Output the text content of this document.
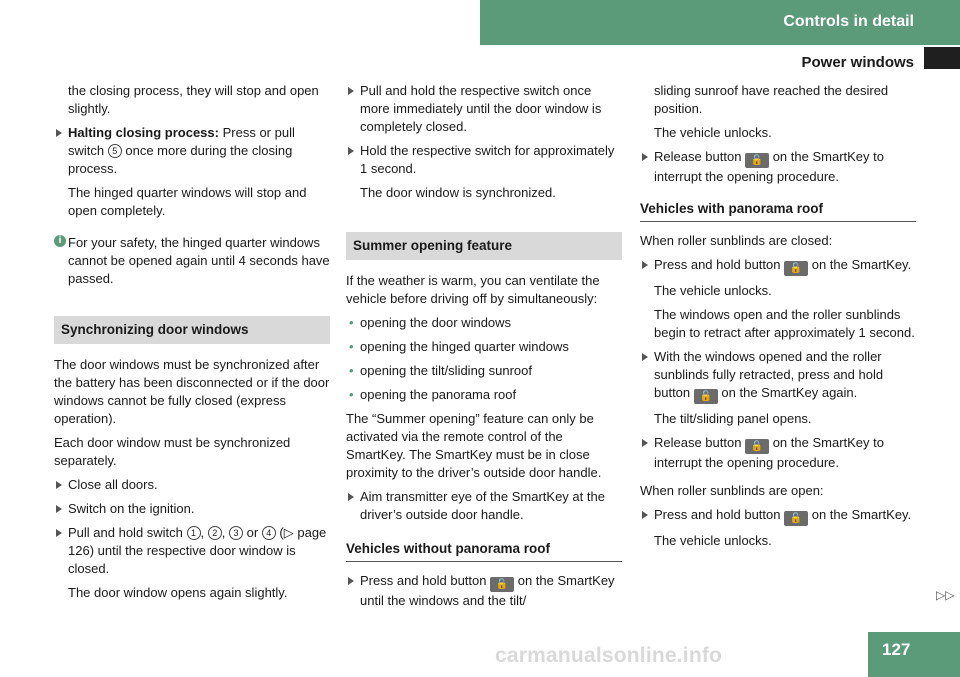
Controls in detail
Power windows

the closing process, they will stop and open slightly.

Halting closing process: Press or pull switch 5 once more during the closing process.

The hinged quarter windows will stop and open completely.

i For your safety, the hinged quarter windows cannot be opened again until 4 seconds have passed.
Synchronizing door windows

The door windows must be synchronized after the battery has been disconnected or if the door windows cannot be fully closed (express operation).

Each door window must be synchronized separately.

Close all doors.
Switch on the ignition.
Pull and hold switch 1 , 2 , 3 or 4 (▷ page 126) until the respective door window is closed.

The door window opens again slightly.

Pull and hold the respective switch once more immediately until the door window is completely closed.
Hold the respective switch for approximately 1 second.

The door window is synchronized.

Summer opening feature

If the weather is warm, you can ventilate the vehicle before driving off by simultaneously:

• opening the door windows
• opening the hinged quarter windows
• opening the tilt/sliding sunroof
• opening the panorama roof

The “Summer opening” feature can only be activated via the remote control of the SmartKey. The SmartKey must be in close proximity to the driver’s outside door handle.

Aim transmitter eye of the SmartKey at the driver’s outside door handle.
Vehicles without panorama roof
Press and hold button 🔓 on the SmartKey until the windows and the tilt/

sliding sunroof have reached the desired position.

The vehicle unlocks.

Release button 🔓 on the SmartKey to interrupt the opening procedure.
Vehicles with panorama roof

When roller sunblinds are closed:

Press and hold button 🔓 on the SmartKey.

The vehicle unlocks.

The windows open and the roller sunblinds begin to retract after approximately 1 second.

With the windows opened and the roller sunblinds fully retracted, press and hold button 🔓 on the SmartKey again.

The tilt/sliding panel opens.

Release button 🔓 on the SmartKey to interrupt the opening procedure.

When roller sunblinds are open:

Press and hold button 🔓 on the SmartKey.

The vehicle unlocks.

▷▷
carmanualsonline.info	127
